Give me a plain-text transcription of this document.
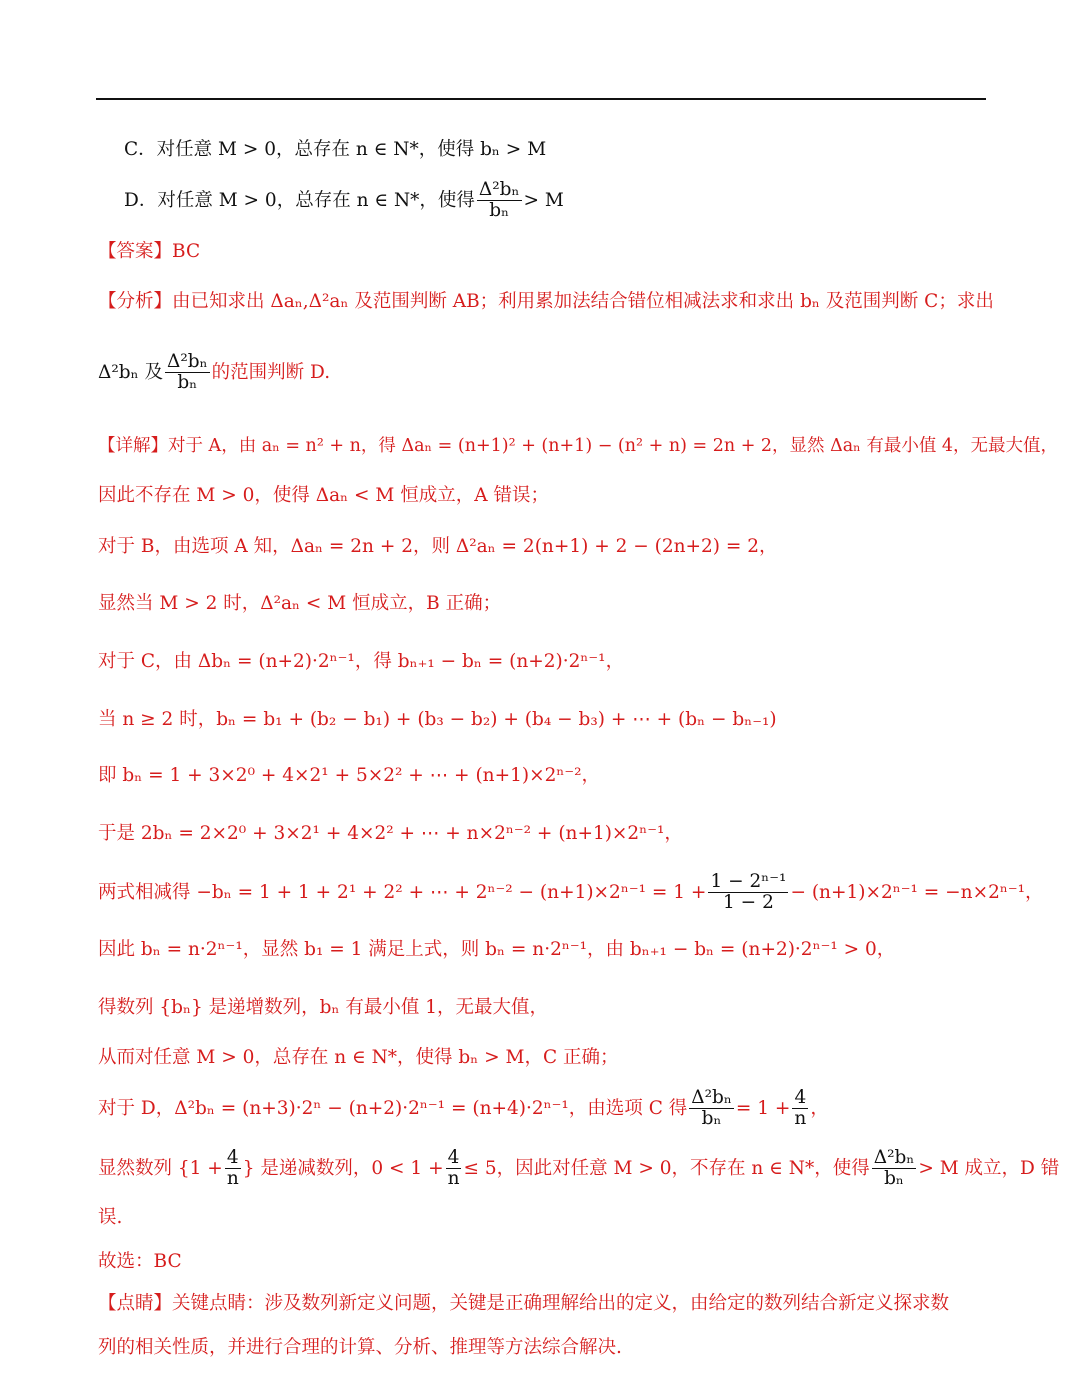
C．对任意 M > 0，总存在 n ∈ N*，使得 bₙ > M
D．对任意 M > 0，总存在 n ∈ N*，使得 $\frac{\text{Δ²bₙ}}{\text{bₙ}} > M$
【答案】BC
【分析】由已知求出 Δaₙ,Δ²aₙ 及范围判断 AB；利用累加法结合错位相减法求和求出 bₙ 及范围判断 C；求出
Δ²bₙ 及 $\frac{\text{Δ²bₙ}}{\text{bₙ}}$ 的范围判断 D.
【详解】对于 A，由 aₙ = n² + n，得 Δaₙ = (n+1)² + (n+1) − (n² + n) = 2n + 2，显然 Δaₙ 有最小值 4，无最大值，
因此不存在 M > 0，使得 Δaₙ < M 恒成立，A 错误；
对于 B，由选项 A 知，Δaₙ = 2n + 2，则 Δ²aₙ = 2(n+1) + 2 − (2n+2) = 2，
显然当 M > 2 时，Δ²aₙ < M 恒成立，B 正确；
对于 C，由 Δbₙ = (n+2)·2ⁿ⁻¹，得 bₙ₊₁ − bₙ = (n+2)·2ⁿ⁻¹，
当 n ≥ 2 时，bₙ = b₁ + (b₂ − b₁) + (b₃ − b₂) + (b₄ − b₃) + ⋯ + (bₙ − bₙ₋₁)
即 bₙ = 1 + 3×2⁰ + 4×2¹ + 5×2² + ⋯ + (n+1)×2ⁿ⁻²，
于是 2bₙ = 2×2⁰ + 3×2¹ + 4×2² + ⋯ + n×2ⁿ⁻² + (n+1)×2ⁿ⁻¹，
两式相减得 −bₙ = 1 + 1 + 2¹ + 2² + ⋯ + $2^{n-2} - (n+1)\times 2^{n-1} = 1 + \frac{\text{1 − 2ⁿ⁻¹}}{1 - 2} - (n+1)\times 2^{n-1} = -n\times 2^{n-1}$，
因此 bₙ = n·2ⁿ⁻¹，显然 b₁ = 1 满足上式，则 bₙ = n·2ⁿ⁻¹，由 bₙ₊₁ − bₙ = (n+2)·2ⁿ⁻¹ > 0，
得数列 {bₙ} 是递增数列，bₙ 有最小值 1，无最大值，
从而对任意 M > 0，总存在 n ∈ N*，使得 bₙ > M，C 正确；
对于 D，Δ²bₙ = (n+3)·2ⁿ − (n+2)·2ⁿ⁻¹ = (n+4)·2ⁿ⁻¹，由选项 C 得 $\frac{\text{Δ²bₙ}}{\text{bₙ}} = 1 + \frac{4}{n}$ ，
显然数列 {$1 + \frac{4}{n}$ } 是递减数列，$0 < 1 + \frac{4}{n} \le 5$，因此对任意 M > 0，不存在 n ∈ N*，使得 $\frac{\text{Δ²bₙ}}{\text{bₙ}} > M$ 成立，D 错
误.
故选：BC
【点睛】关键点睛：涉及数列新定义问题，关键是正确理解给出的定义，由给定的数列结合新定义探求数
列的相关性质，并进行合理的计算、分析、推理等方法综合解决.
